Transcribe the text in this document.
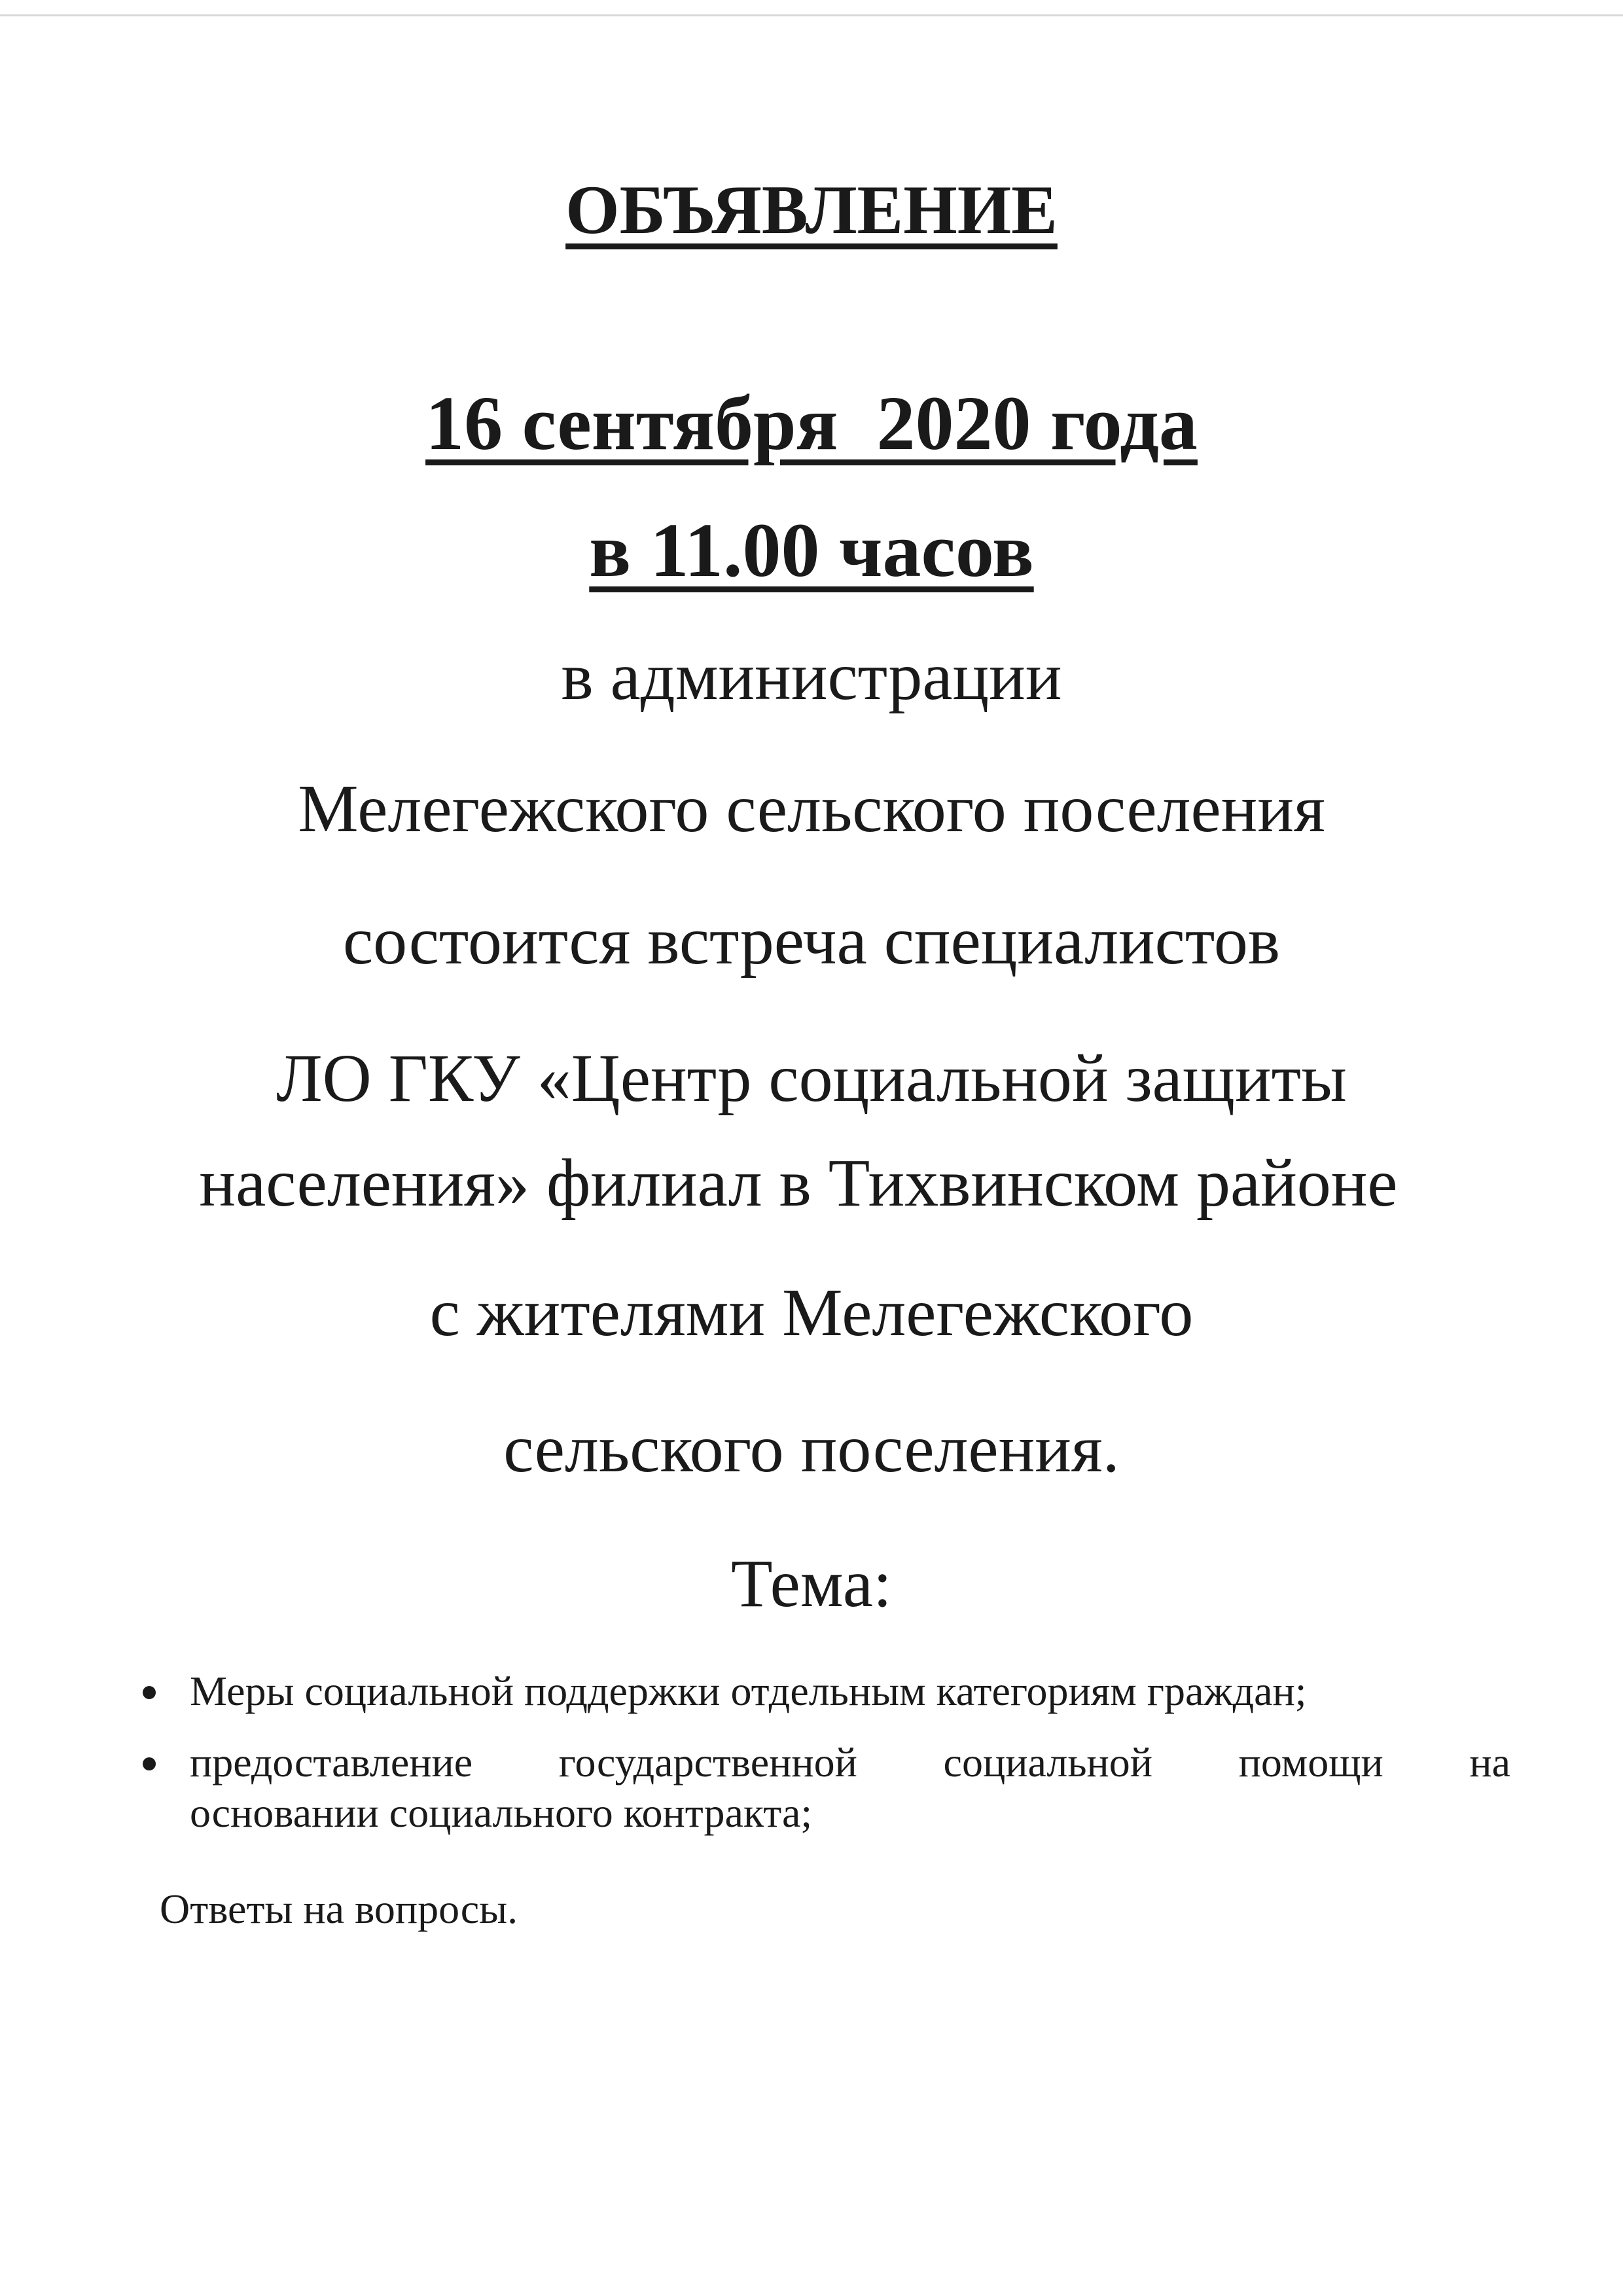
ОБЪЯВЛЕНИЕ
16 сентября  2020 года
в 11.00 часов
в администрации
Мелегежского сельского поселения
состоится встреча специалистов
ЛО ГКУ «Центр социальной защиты
населения» филиал в Тихвинском районе
с жителями Мелегежского
сельского поселения.
Тема:
Меры социальной поддержки отдельным категориям граждан;
предоставление государственной социальной помощи на
основании социального контракта;
Ответы на вопросы.
